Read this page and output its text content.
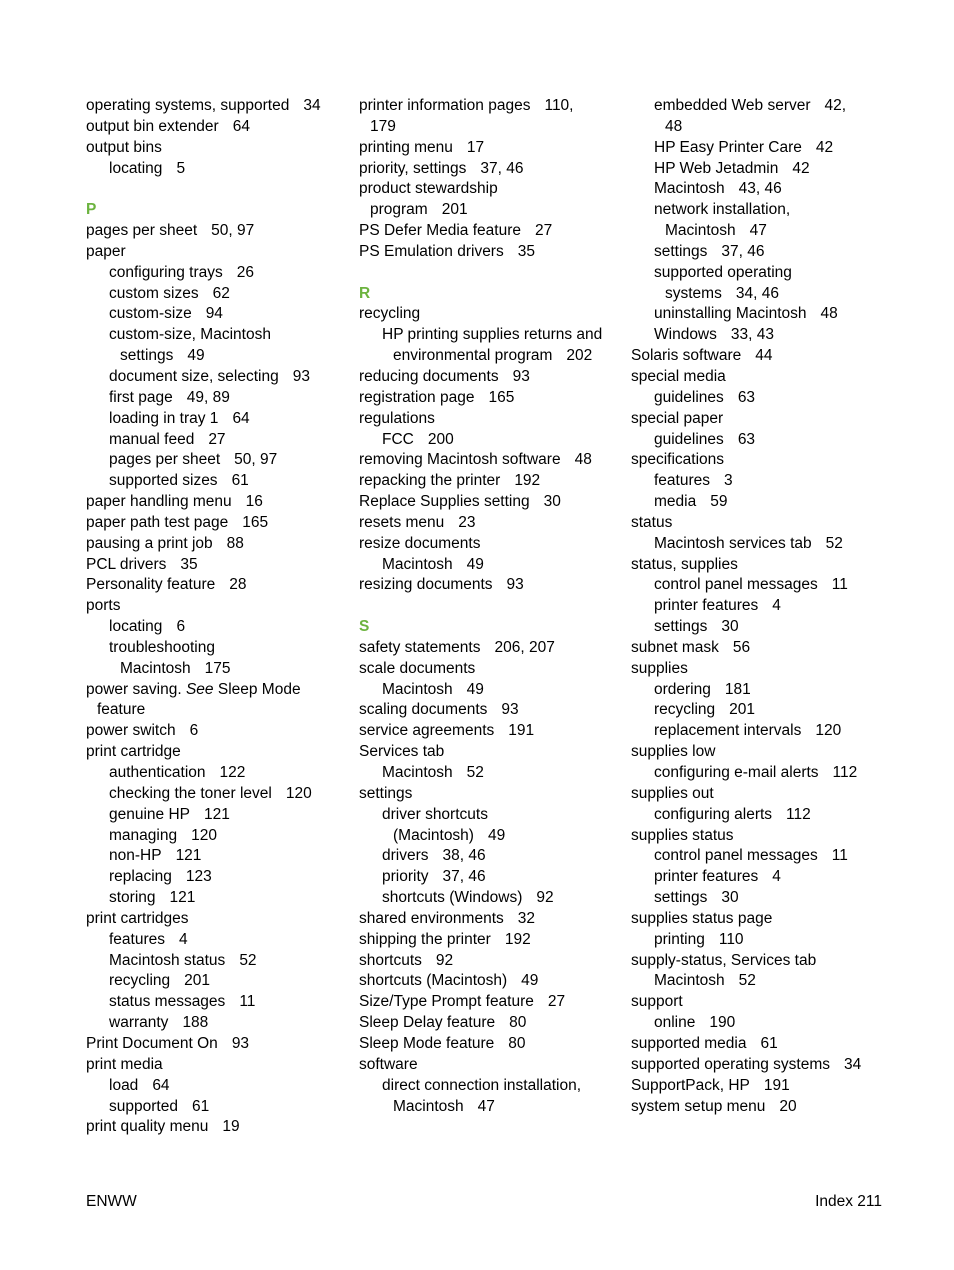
operating systems, supported 34
output bin extender 64
output bins
locating 5
P
pages per sheet 50, 97
paper
configuring trays 26
custom sizes 62
custom-size 94
custom-size, Macintosh
settings 49
document size, selecting 93
first page 49, 89
loading in tray 1 64
manual feed 27
pages per sheet 50, 97
supported sizes 61
paper handling menu 16
paper path test page 165
pausing a print job 88
PCL drivers 35
Personality feature 28
ports
locating 6
troubleshooting
Macintosh 175
power saving. See Sleep Mode
feature
power switch 6
print cartridge
authentication 122
checking the toner level 120
genuine HP 121
managing 120
non-HP 121
replacing 123
storing 121
print cartridges
features 4
Macintosh status 52
recycling 201
status messages 11
warranty 188
Print Document On 93
print media
load 64
supported 61
print quality menu 19
printer information pages 110,
179
printing menu 17
priority, settings 37, 46
product stewardship
program 201
PS Defer Media feature 27
PS Emulation drivers 35
R
recycling
HP printing supplies returns and
environmental program 202
reducing documents 93
registration page 165
regulations
FCC 200
removing Macintosh software 48
repacking the printer 192
Replace Supplies setting 30
resets menu 23
resize documents
Macintosh 49
resizing documents 93
S
safety statements 206, 207
scale documents
Macintosh 49
scaling documents 93
service agreements 191
Services tab
Macintosh 52
settings
driver shortcuts
(Macintosh) 49
drivers 38, 46
priority 37, 46
shortcuts (Windows) 92
shared environments 32
shipping the printer 192
shortcuts 92
shortcuts (Macintosh) 49
Size/Type Prompt feature 27
Sleep Delay feature 80
Sleep Mode feature 80
software
direct connection installation,
Macintosh 47
embedded Web server 42,
48
HP Easy Printer Care 42
HP Web Jetadmin 42
Macintosh 43, 46
network installation,
Macintosh 47
settings 37, 46
supported operating
systems 34, 46
uninstalling Macintosh 48
Windows 33, 43
Solaris software 44
special media
guidelines 63
special paper
guidelines 63
specifications
features 3
media 59
status
Macintosh services tab 52
status, supplies
control panel messages 11
printer features 4
settings 30
subnet mask 56
supplies
ordering 181
recycling 201
replacement intervals 120
supplies low
configuring e-mail alerts 112
supplies out
configuring alerts 112
supplies status
control panel messages 11
printer features 4
settings 30
supplies status page
printing 110
supply-status, Services tab
Macintosh 52
support
online 190
supported media 61
supported operating systems 34
SupportPack, HP 191
system setup menu 20
ENWW	Index 211
